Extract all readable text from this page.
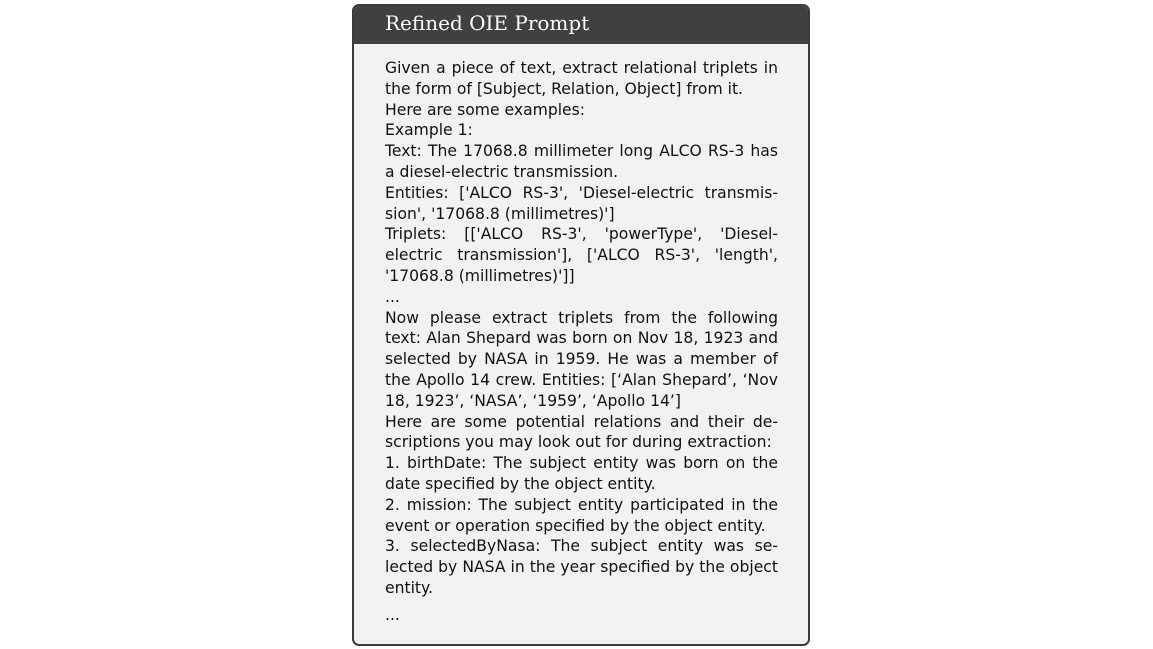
Refined OIE Prompt
Given a piece of text, extract relational triplets in the form of [Subject, Relation, Object] from it.
Here are some examples:
Example 1:
Text: The 17068.8 millimeter long ALCO RS-3 has a diesel-electric transmission.
Entities: ['ALCO RS-3', 'Diesel-electric transmission', '17068.8 (millimetres)']
Triplets: [['ALCO RS-3', 'powerType', 'Diesel-electric transmission'], ['ALCO RS-3', 'length', '17068.8 (millimetres)']]
...
Now please extract triplets from the following text: Alan Shepard was born on Nov 18, 1923 and selected by NASA in 1959. He was a member of the Apollo 14 crew. Entities: [‘Alan Shepard’, ‘Nov 18, 1923’, ‘NASA’, ‘1959’, ‘Apollo 14’]
Here are some potential relations and their descriptions you may look out for during extraction:
1. birthDate: The subject entity was born on the date specified by the object entity.
2. mission: The subject entity participated in the event or operation specified by the object entity.
3. selectedByNasa: The subject entity was selected by NASA in the year specified by the object entity.
...
